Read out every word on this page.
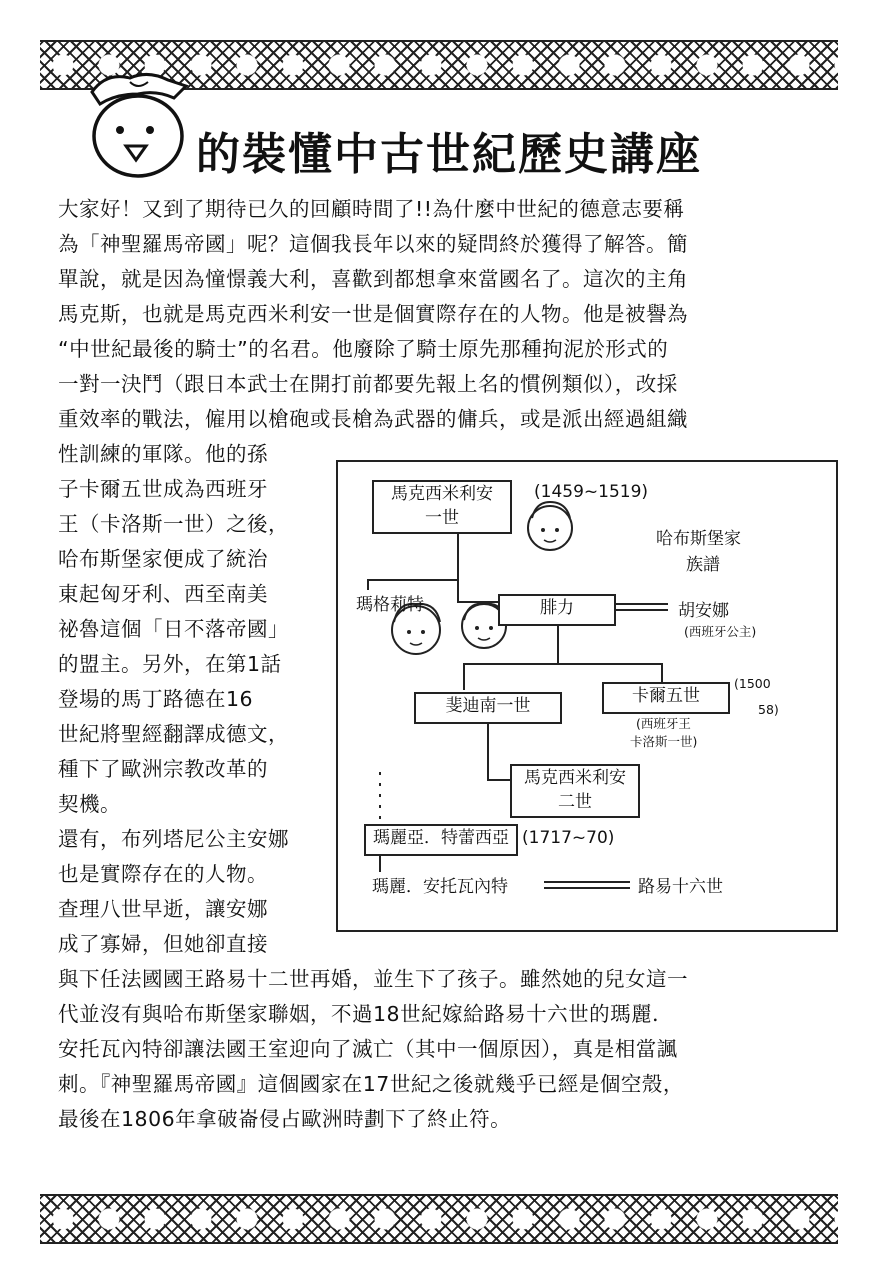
的裝懂中古世紀歷史講座
大家好！又到了期待已久的回顧時間了!!為什麼中世紀的德意志要稱
為「神聖羅馬帝國」呢？這個我長年以來的疑問終於獲得了解答。簡
單說，就是因為憧憬義大利，喜歡到都想拿來當國名了。這次的主角
馬克斯，也就是馬克西米利安一世是個實際存在的人物。他是被譽為
“中世紀最後的騎士”的名君。他廢除了騎士原先那種拘泥於形式的
一對一決鬥（跟日本武士在開打前都要先報上名的慣例類似），改採
重效率的戰法，僱用以槍砲或長槍為武器的傭兵，或是派出經過組織
性訓練的軍隊。他的孫
子卡爾五世成為西班牙
王（卡洛斯一世）之後，
哈布斯堡家便成了統治
東起匈牙利、西至南美
祕魯這個「日不落帝國」
的盟主。另外，在第1話
登場的馬丁路德在16
世紀將聖經翻譯成德文，
種下了歐洲宗教改革的
契機。
還有，布列塔尼公主安娜
也是實際存在的人物。
查理八世早逝，讓安娜
成了寡婦，但她卻直接
與下任法國國王路易十二世再婚，並生下了孩子。雖然她的兒女這一
代並沒有與哈布斯堡家聯姻，不過18世紀嫁給路易十六世的瑪麗．
安托瓦內特卻讓法國王室迎向了滅亡（其中一個原因），真是相當諷
刺。『神聖羅馬帝國』這個國家在17世紀之後就幾乎已經是個空殼，
最後在1806年拿破崙侵占歐洲時劃下了終止符。
馬克西米利安
一世
(1459~1519)
哈布斯堡家
族譜
瑪格莉特	腓力	胡安娜
(西班牙公主)
卡爾五世
(1500
58)
(西班牙王
卡洛斯一世)
斐迪南一世
馬克西米利安
二世
瑪麗亞．特蕾西亞 (1717~70)
瑪麗．安托瓦內特	路易十六世
